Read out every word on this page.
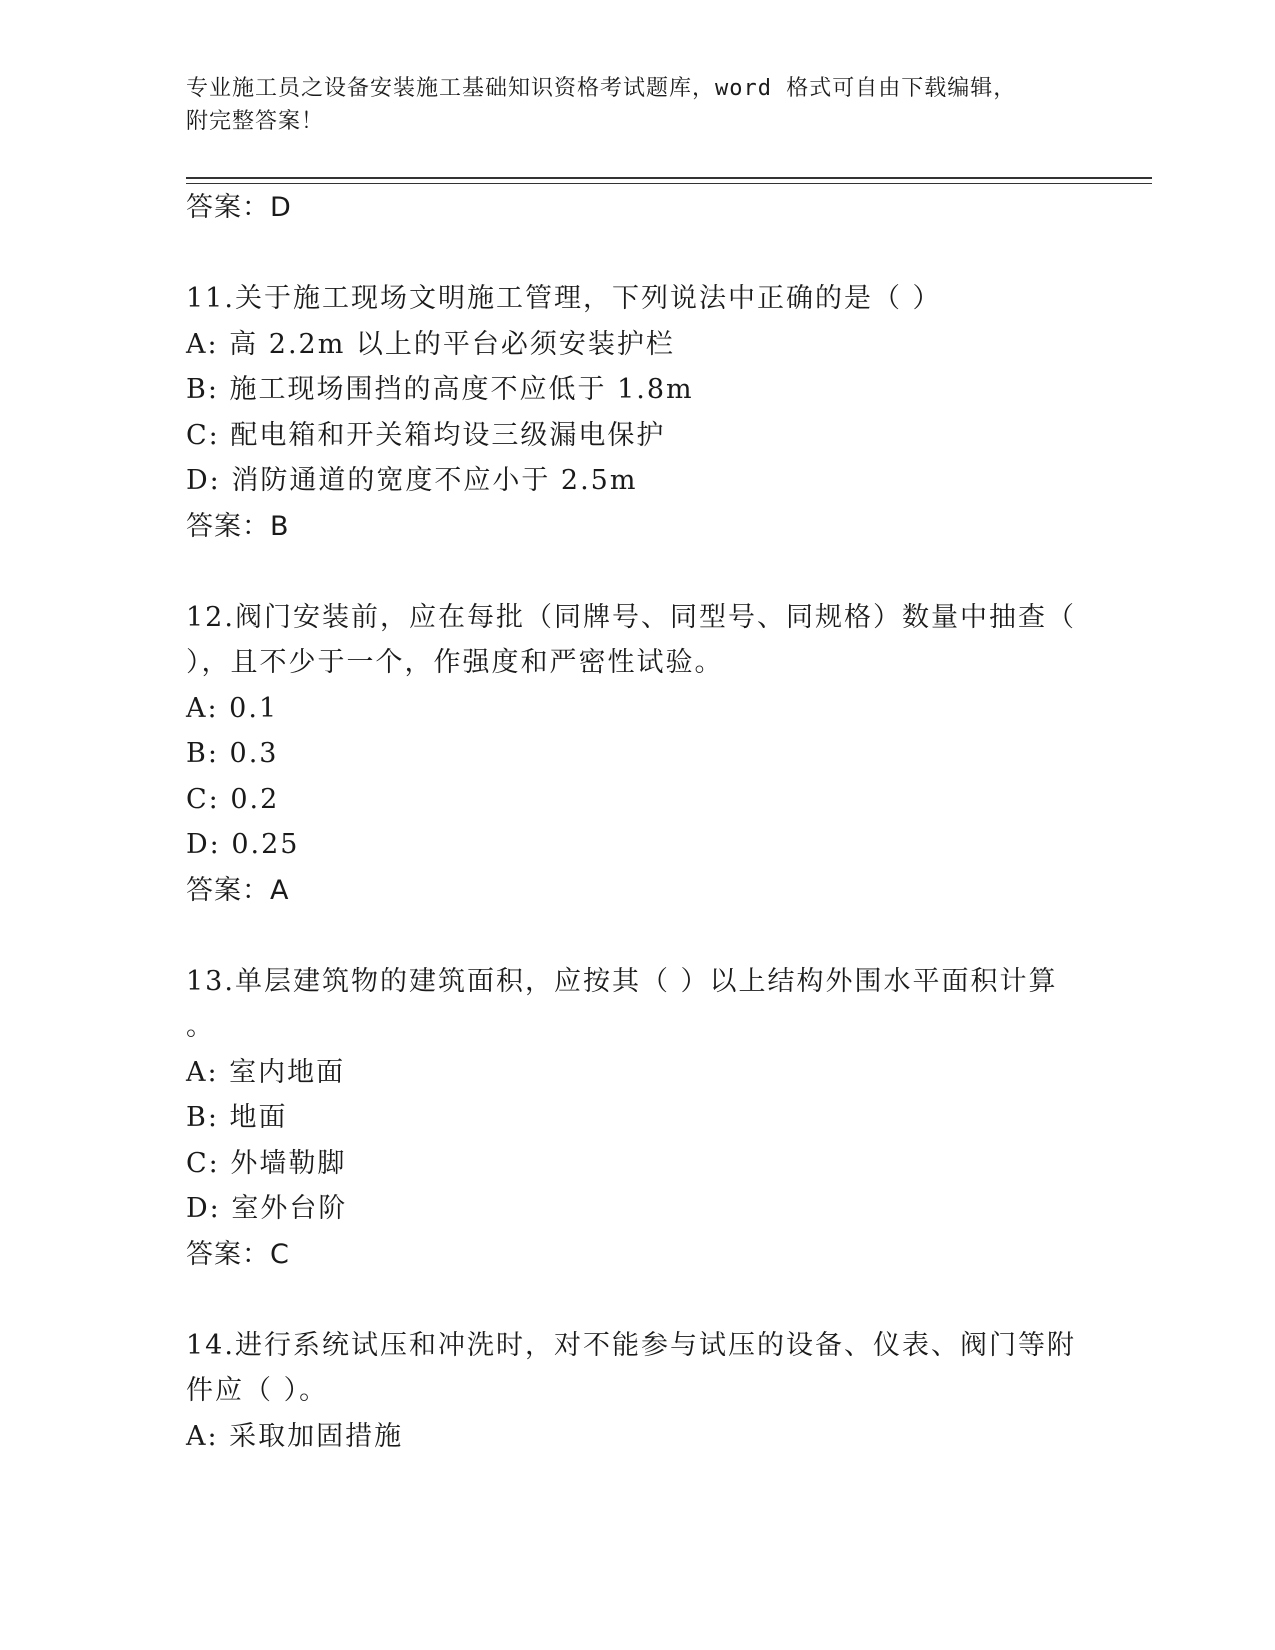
专业施工员之设备安装施工基础知识资格考试题库，word 格式可自由下载编辑，
附完整答案！
答案：D
11.关于施工现场文明施工管理，下列说法中正确的是（ ）
A: 高 2.2m 以上的平台必须安装护栏
B: 施工现场围挡的高度不应低于 1.8m
C: 配电箱和开关箱均设三级漏电保护
D: 消防通道的宽度不应小于 2.5m
答案：B
12.阀门安装前，应在每批（同牌号、同型号、同规格）数量中抽查（
），且不少于一个，作强度和严密性试验。
A: 0.1
B: 0.3
C: 0.2
D: 0.25
答案：A
13.单层建筑物的建筑面积，应按其（ ）以上结构外围水平面积计算
。
A: 室内地面
B: 地面
C: 外墙勒脚
D: 室外台阶
答案：C
14.进行系统试压和冲洗时，对不能参与试压的设备、仪表、阀门等附
件应（ ）。
A: 采取加固措施
